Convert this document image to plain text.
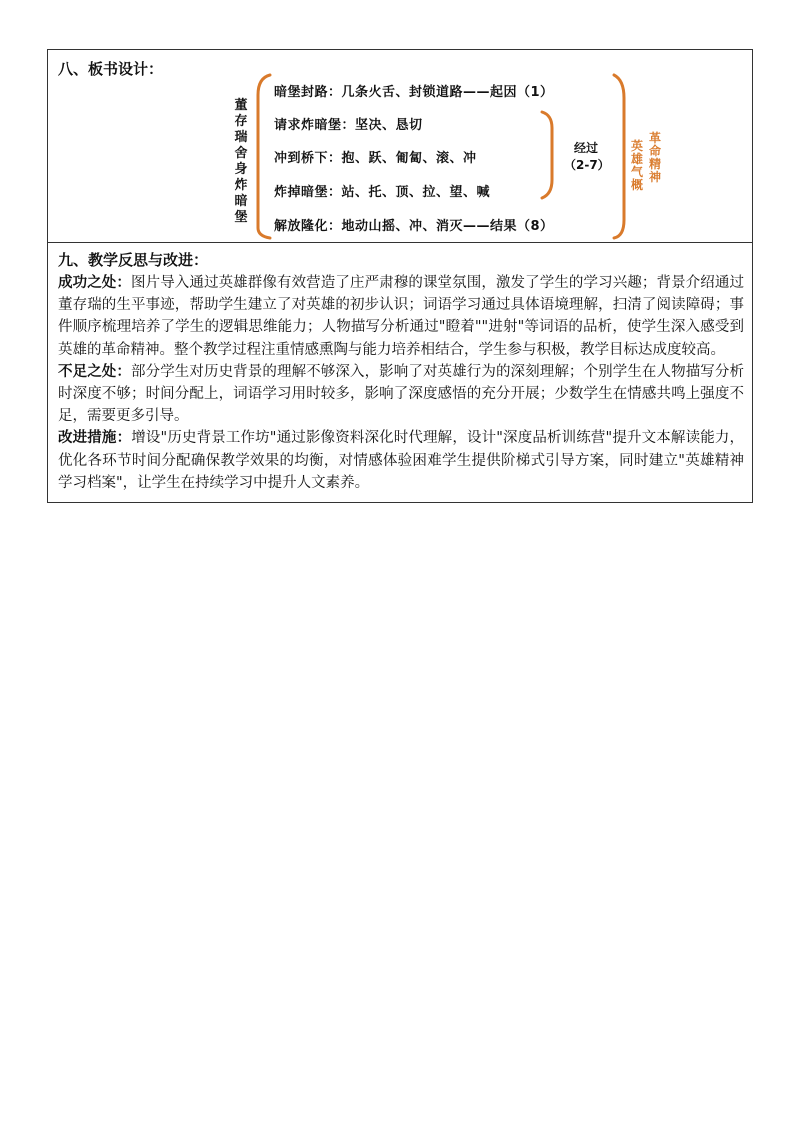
八、板书设计：
董
存
瑞
舍
身
炸
暗
堡
暗堡封路：几条火舌、封锁道路——起因（1）
请求炸暗堡：坚决、恳切
冲到桥下：抱、跃、匍匐、滚、冲
炸掉暗堡：站、托、顶、拉、望、喊
解放隆化：地动山摇、冲、消灭——结果（8）
经过
（2-7）
英
雄
气
概
革
命
精
神
九、教学反思与改进：

成功之处：图片导入通过英雄群像有效营造了庄严肃穆的课堂氛围，激发了学生的学习兴趣；背景介绍通过董存瑞的生平事迹，帮助学生建立了对英雄的初步认识；词语学习通过具体语境理解，扫清了阅读障碍；事件顺序梳理培养了学生的逻辑思维能力；人物描写分析通过"瞪着""进射"等词语的品析，使学生深入感受到英雄的革命精神。整个教学过程注重情感熏陶与能力培养相结合，学生参与积极，教学目标达成度较高。

不足之处：部分学生对历史背景的理解不够深入，影响了对英雄行为的深刻理解；个别学生在人物描写分析时深度不够；时间分配上，词语学习用时较多，影响了深度感悟的充分开展；少数学生在情感共鸣上强度不足，需要更多引导。

改进措施：增设"历史背景工作坊"通过影像资料深化时代理解，设计"深度品析训练营"提升文本解读能力，优化各环节时间分配确保教学效果的均衡，对情感体验困难学生提供阶梯式引导方案，同时建立"英雄精神学习档案"，让学生在持续学习中提升人文素养。
